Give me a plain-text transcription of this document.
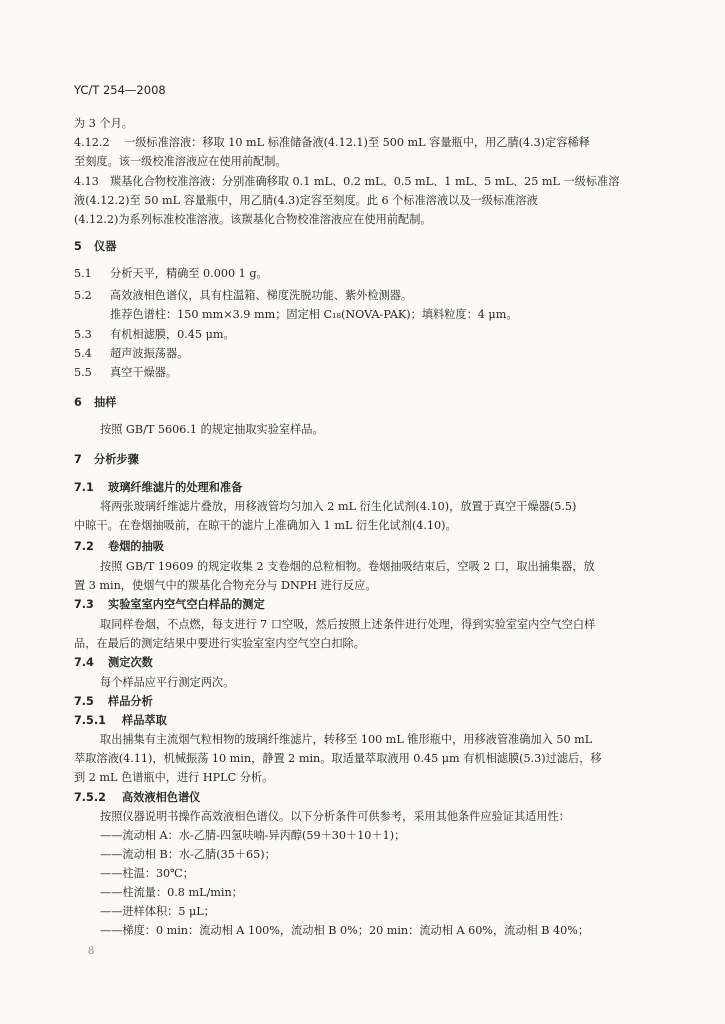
YC/T 254—2008
为 3 个月。
4.12.2 一级标准溶液：移取 10 mL 标准储备液(4.12.1)至 500 mL 容量瓶中，用乙腈(4.3)定容稀释
至刻度。该一级校准溶液应在使用前配制。
4.13 羰基化合物校准溶液：分别准确移取 0.1 mL、0.2 mL、0.5 mL、1 mL、5 mL、25 mL 一级标准溶
液(4.12.2)至 50 mL 容量瓶中，用乙腈(4.3)定容至刻度。此 6 个标准溶液以及一级标准溶液
(4.12.2)为系列标准校准溶液。该羰基化合物校准溶液应在使用前配制。
5 仪器
5.1 分析天平，精确至 0.000 1 g。
5.2 高效液相色谱仪，具有柱温箱、梯度洗脱功能、紫外检测器。
推荐色谱柱：150 mm×3.9 mm；固定相 C₁₈(NOVA-PAK)；填料粒度：4 μm。
5.3 有机相滤膜，0.45 μm。
5.4 超声波振荡器。
5.5 真空干燥器。
6 抽样
按照 GB/T 5606.1 的规定抽取实验室样品。
7 分析步骤
7.1 玻璃纤维滤片的处理和准备
将两张玻璃纤维滤片叠放，用移液管均匀加入 2 mL 衍生化试剂(4.10)，放置于真空干燥器(5.5)
中晾干。在卷烟抽吸前，在晾干的滤片上准确加入 1 mL 衍生化试剂(4.10)。
7.2 卷烟的抽吸
按照 GB/T 19609 的规定收集 2 支卷烟的总粒相物。卷烟抽吸结束后，空吸 2 口，取出捕集器，放
置 3 min，使烟气中的羰基化合物充分与 DNPH 进行反应。
7.3 实验室室内空气空白样品的测定
取同样卷烟，不点燃，每支进行 7 口空吸，然后按照上述条件进行处理，得到实验室室内空气空白样
品，在最后的测定结果中要进行实验室室内空气空白扣除。
7.4 测定次数
每个样品应平行测定两次。
7.5 样品分析
7.5.1 样品萃取
取出捕集有主流烟气粒相物的玻璃纤维滤片，转移至 100 mL 锥形瓶中，用移液管准确加入 50 mL
萃取溶液(4.11)，机械振荡 10 min，静置 2 min。取适量萃取液用 0.45 μm 有机相滤膜(5.3)过滤后，移
到 2 mL 色谱瓶中，进行 HPLC 分析。
7.5.2 高效液相色谱仪
按照仪器说明书操作高效液相色谱仪。以下分析条件可供参考，采用其他条件应验证其适用性：
——流动相 A：水-乙腈-四氢呋喃-异丙醇(59＋30＋10＋1)；
——流动相 B：水-乙腈(35＋65)；
——柱温：30℃；
——柱流量：0.8 mL/min；
——进样体积：5 μL；
——梯度：0 min：流动相 A 100%，流动相 B 0%；20 min：流动相 A 60%，流动相 B 40%；
8
